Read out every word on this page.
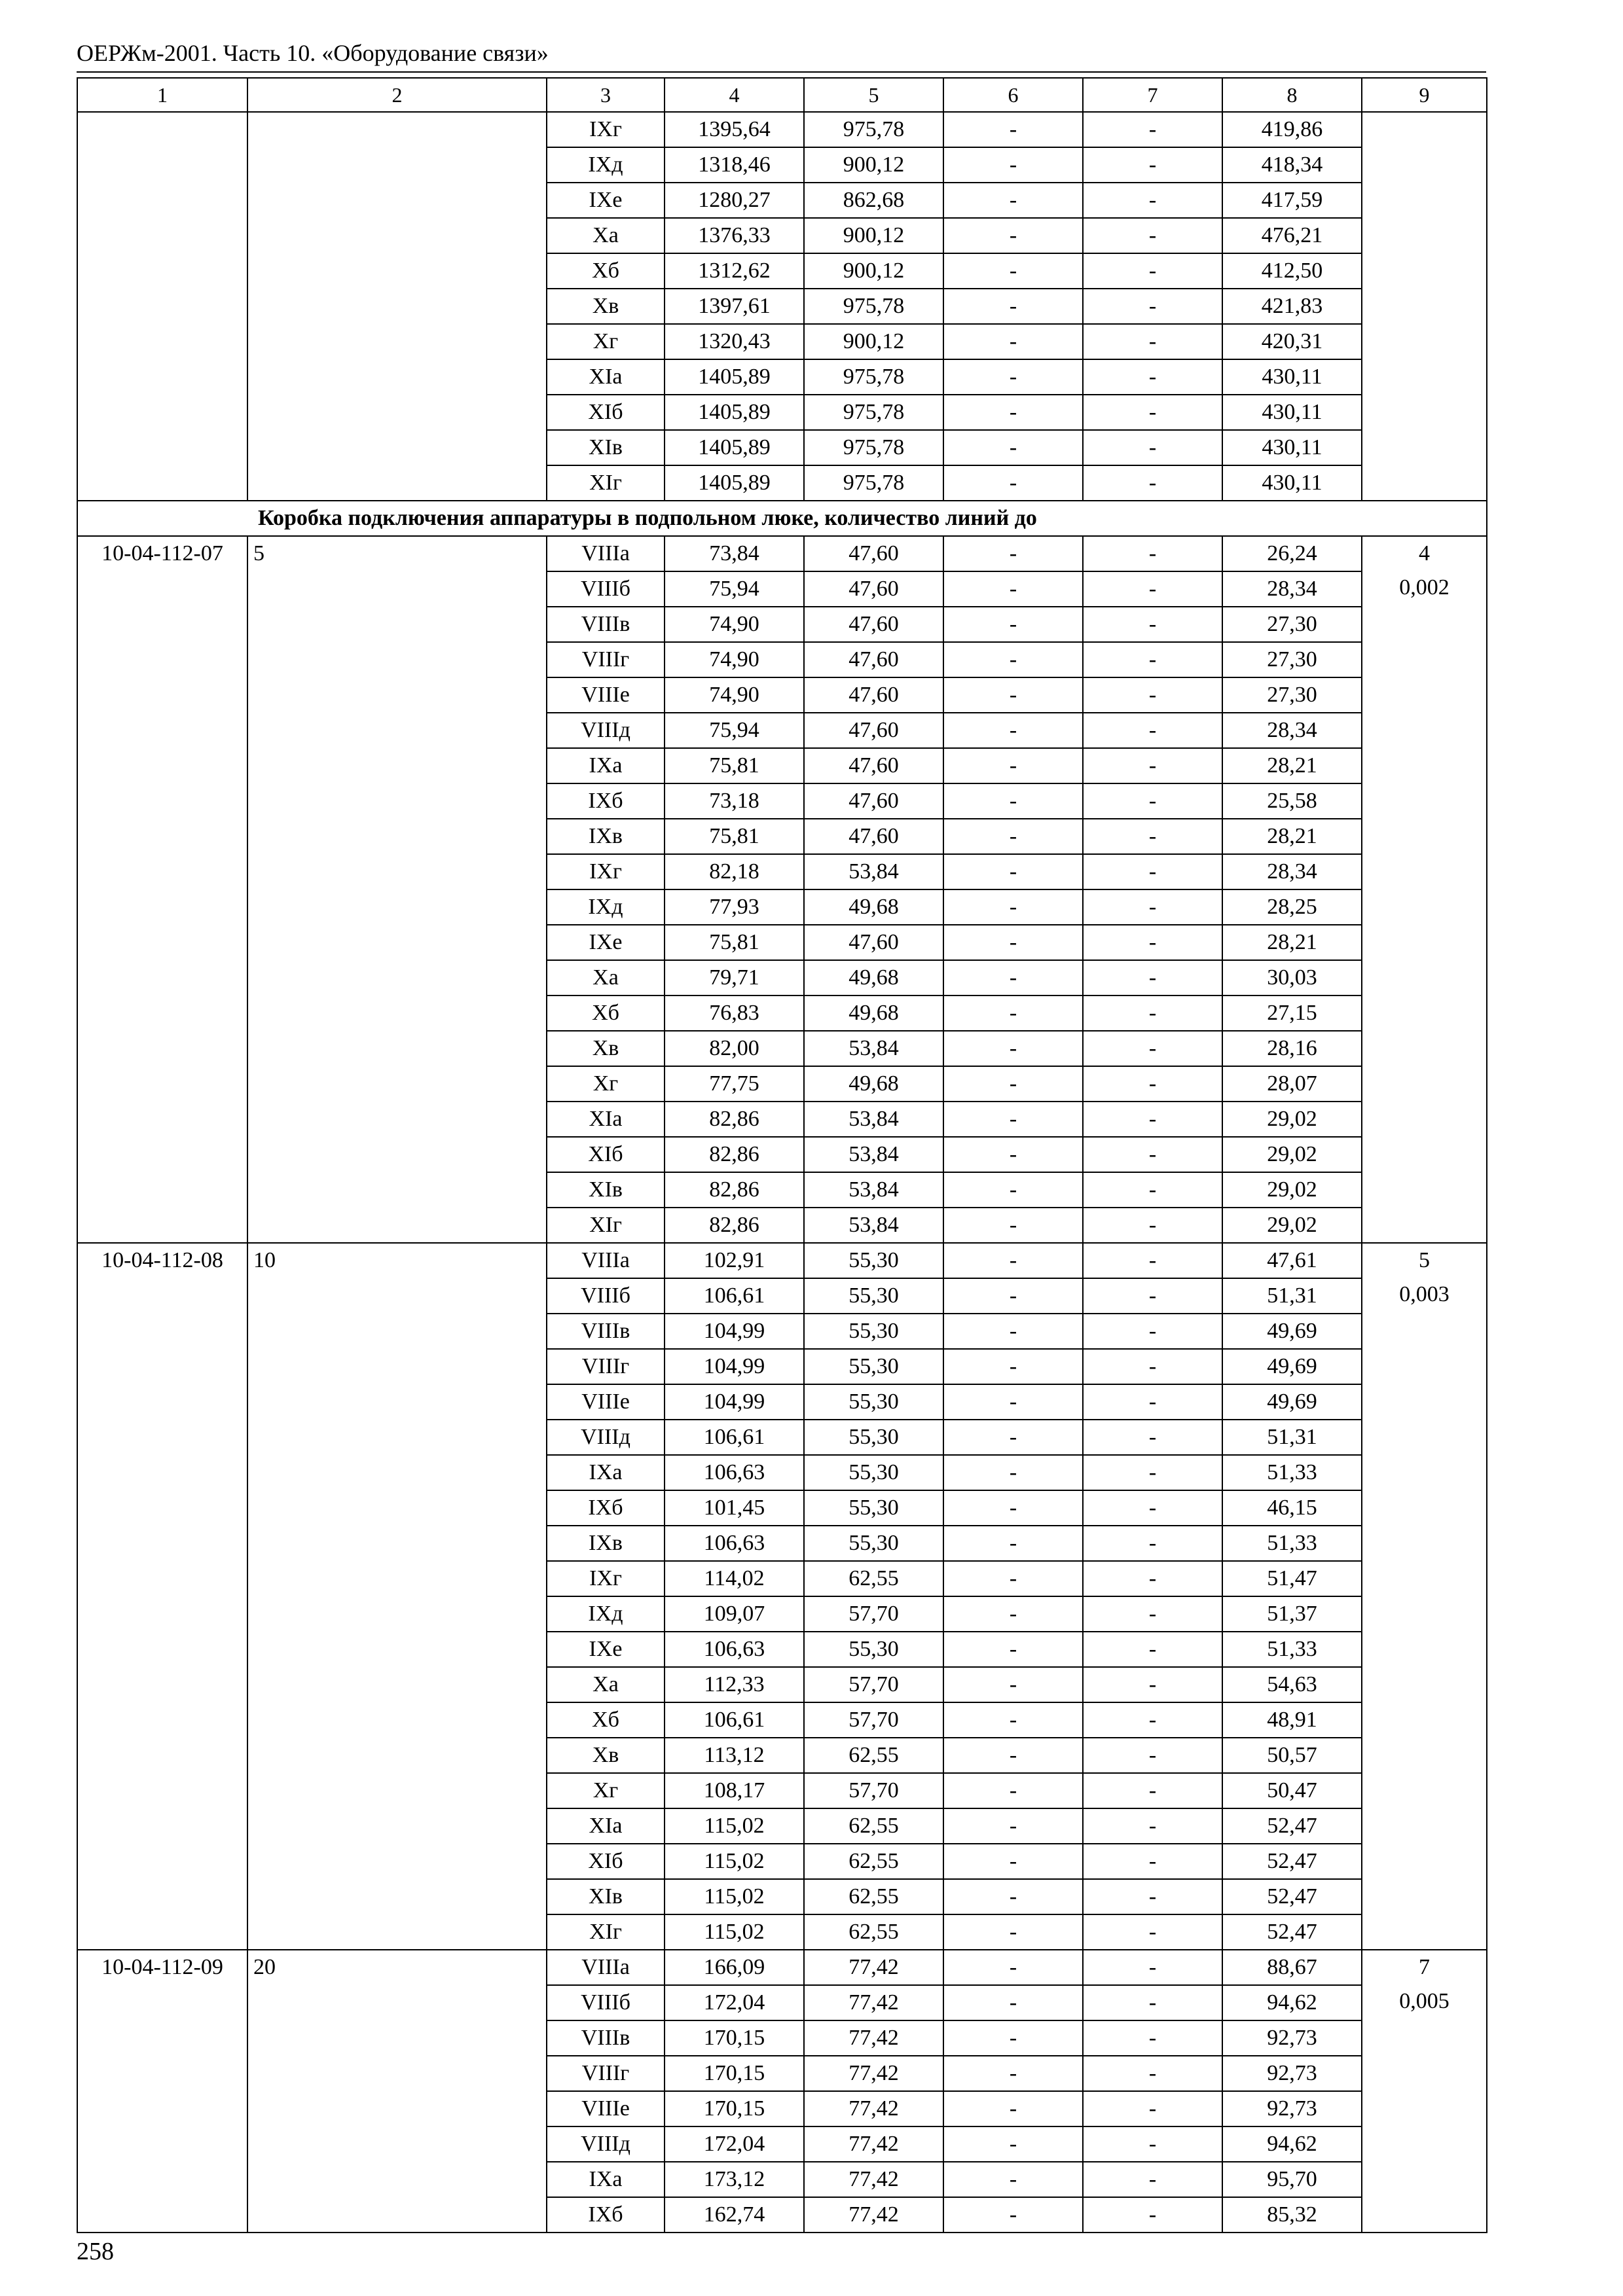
ОЕРЖм-2001. Часть 10. «Оборудование связи»
1	2	3	4	5	6	7	8	9
		IXг	1395,64	975,78	-	-	419,86	
		IXд	1318,46	900,12	-	-	418,34	
		IXе	1280,27	862,68	-	-	417,59	
		Xа	1376,33	900,12	-	-	476,21	
		Xб	1312,62	900,12	-	-	412,50	
		Xв	1397,61	975,78	-	-	421,83	
		Xг	1320,43	900,12	-	-	420,31	
		XIа	1405,89	975,78	-	-	430,11	
		XIб	1405,89	975,78	-	-	430,11	
		XIв	1405,89	975,78	-	-	430,11	
		XIг	1405,89	975,78	-	-	430,11	
Коробка подключения аппаратуры в подпольном люке, количество линий до								
10-04-112-07	5	VIIIа	73,84	47,60	-	-	26,24	4
0,002

		VIIIб	75,94	47,60	-	-	28,34	
		VIIIв	74,90	47,60	-	-	27,30	
		VIIIг	74,90	47,60	-	-	27,30	
		VIIIе	74,90	47,60	-	-	27,30	
		VIIIд	75,94	47,60	-	-	28,34	
		IXа	75,81	47,60	-	-	28,21	
		IXб	73,18	47,60	-	-	25,58	
		IXв	75,81	47,60	-	-	28,21	
		IXг	82,18	53,84	-	-	28,34	
		IXд	77,93	49,68	-	-	28,25	
		IXе	75,81	47,60	-	-	28,21	
		Xа	79,71	49,68	-	-	30,03	
		Xб	76,83	49,68	-	-	27,15	
		Xв	82,00	53,84	-	-	28,16	
		Xг	77,75	49,68	-	-	28,07	
		XIа	82,86	53,84	-	-	29,02	
		XIб	82,86	53,84	-	-	29,02	
		XIв	82,86	53,84	-	-	29,02	
		XIг	82,86	53,84	-	-	29,02	
10-04-112-08	10	VIIIа	102,91	55,30	-	-	47,61	5
0,003

		VIIIб	106,61	55,30	-	-	51,31	
		VIIIв	104,99	55,30	-	-	49,69	
		VIIIг	104,99	55,30	-	-	49,69	
		VIIIе	104,99	55,30	-	-	49,69	
		VIIIд	106,61	55,30	-	-	51,31	
		IXа	106,63	55,30	-	-	51,33	
		IXб	101,45	55,30	-	-	46,15	
		IXв	106,63	55,30	-	-	51,33	
		IXг	114,02	62,55	-	-	51,47	
		IXд	109,07	57,70	-	-	51,37	
		IXе	106,63	55,30	-	-	51,33	
		Xа	112,33	57,70	-	-	54,63	
		Xб	106,61	57,70	-	-	48,91	
		Xв	113,12	62,55	-	-	50,57	
		Xг	108,17	57,70	-	-	50,47	
		XIа	115,02	62,55	-	-	52,47	
		XIб	115,02	62,55	-	-	52,47	
		XIв	115,02	62,55	-	-	52,47	
		XIг	115,02	62,55	-	-	52,47	
10-04-112-09	20	VIIIа	166,09	77,42	-	-	88,67	7
0,005

		VIIIб	172,04	77,42	-	-	94,62	
		VIIIв	170,15	77,42	-	-	92,73	
		VIIIг	170,15	77,42	-	-	92,73	
		VIIIе	170,15	77,42	-	-	92,73	
		VIIIд	172,04	77,42	-	-	94,62	
		IXа	173,12	77,42	-	-	95,70	
		IXб	162,74	77,42	-	-	85,32	
258
